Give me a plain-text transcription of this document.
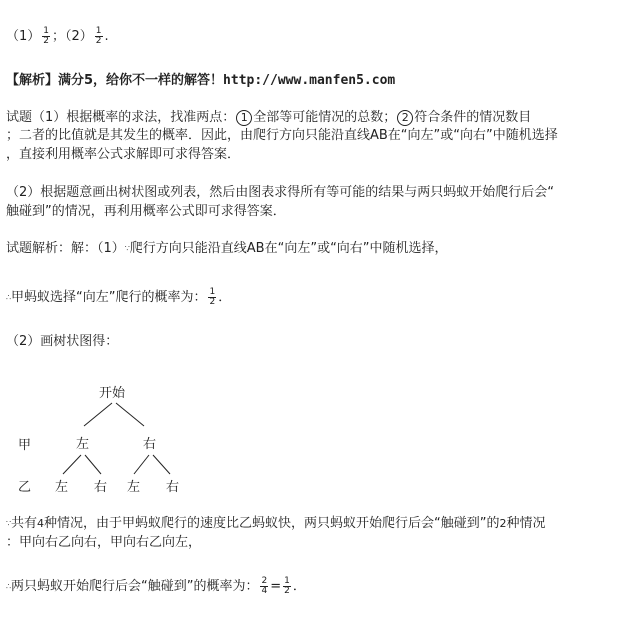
$(1) \frac{1}{2}$ ；$(2) \frac{1}{2}$ .
【解析】满分5，给你不一样的解答！http://www.manfen5.com
试题（1）根据概率的求法，找准两点： 1 全部等可能情况的总数； 2 符合条件的情况数目
；二者的比值就是其发生的概率．因此，由爬行方向只能沿直线AB在“向左”或“向右”中随机选择
，直接利用概率公式求解即可求得答案．
（2）根据题意画出树状图或列表，然后由图表求得所有等可能的结果与两只蚂蚁开始爬行后会“
触碰到”的情况，再利用概率公式即可求得答案．
试题解析：解：（1）∵爬行方向只能沿直线AB在“向左”或“向右”中随机选择，
∴甲蚂蚁选择“向左”爬行的概率为： $\frac{1}{2}$ ．
（2）画树状图得：
开始
甲	左	右
乙 左 右 左 右
∵共有4种情况，由于甲蚂蚁爬行的速度比乙蚂蚁快，两只蚂蚁开始爬行后会“触碰到”的2种情况
：甲向右乙向右，甲向右乙向左，
∴两只蚂蚁开始爬行后会“触碰到”的概率为： $\frac{2}{4} = \frac{1}{2}$ ．
